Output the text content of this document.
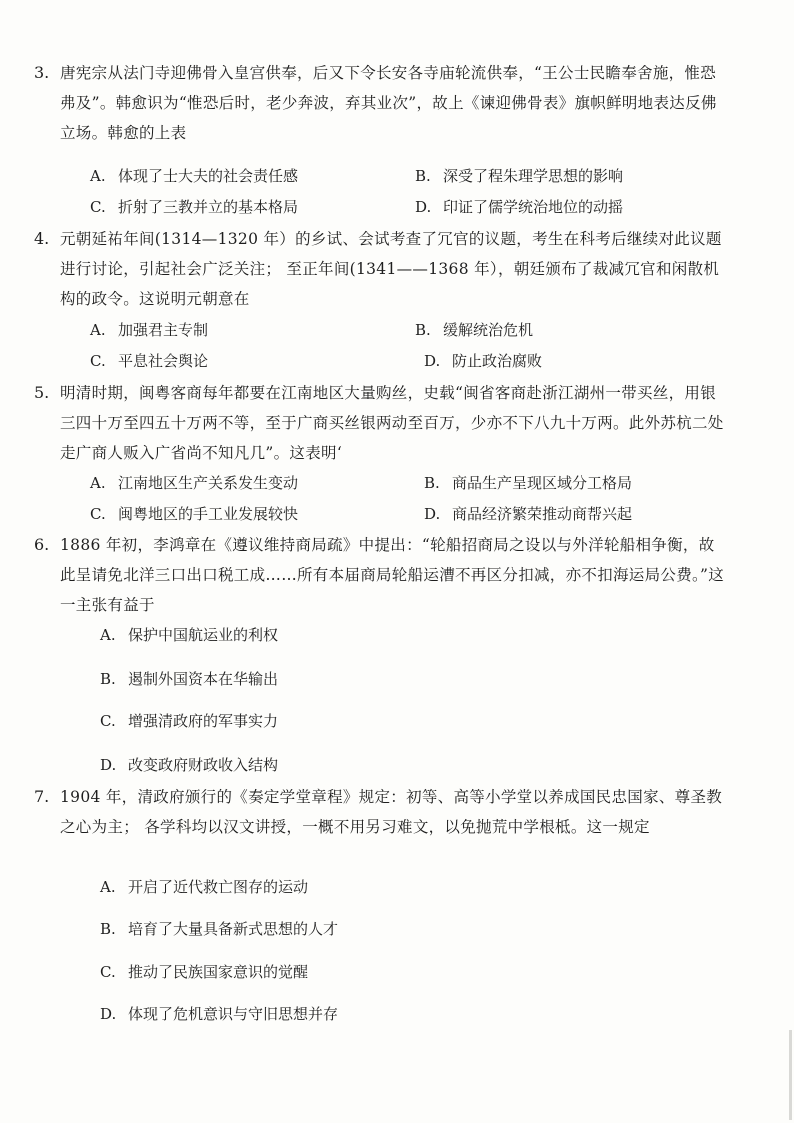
3. 唐宪宗从法门寺迎佛骨入皇宫供奉，后又下令长安各寺庙轮流供奉，“王公士民瞻奉舍施，惟恐弗及”。韩愈识为“惟恐后时，老少奔波，弃其业次”，故上《谏迎佛骨表》旗帜鲜明地表达反佛立场。韩愈的上表
A. 体现了士大夫的社会责任感	B. 深受了程朱理学思想的影响
C. 折射了三教并立的基本格局	D. 印证了儒学统治地位的动摇
4. 元朝延祐年间(1314—1320 年）的乡试、会试考查了冗官的议题，考生在科考后继续对此议题进行讨论，引起社会广泛关注； 至正年间(1341——1368 年），朝廷颁布了裁减冗官和闲散机构的政令。这说明元朝意在
A. 加强君主专制	B. 缓解统治危机
C. 平息社会舆论	D. 防止政治腐败
5. 明清时期，闽粤客商每年都要在江南地区大量购丝，史载“闽省客商赴浙江湖州一带买丝，用银三四十万至四五十万两不等，至于广商买丝银两动至百万，少亦不下八九十万两。此外苏杭二处走广商人贩入广省尚不知凡几”。这表明‘
A. 江南地区生产关系发生变动	B. 商品生产呈现区域分工格局
C. 闽粤地区的手工业发展较快	D. 商品经济繁荣推动商帮兴起
6. 1886 年初，李鸿章在《遵议维持商局疏》中提出：“轮船招商局之设以与外洋轮船相争衡，故此呈请免北洋三口出口税工成……所有本届商局轮船运漕不再区分扣减，亦不扣海运局公费。”这一主张有益于
A. 保护中国航运业的利权
B. 遏制外国资本在华输出
C. 增强清政府的军事实力
D. 改变政府财政收入结构
7. 1904 年，清政府颁行的《奏定学堂章程》规定：初等、高等小学堂以养成国民忠国家、尊圣教之心为主； 各学科均以汉文讲授，一概不用另习难文，以免抛荒中学根柢。这一规定
A. 开启了近代救亡图存的运动
B. 培育了大量具备新式思想的人才
C. 推动了民族国家意识的觉醒
D. 体现了危机意识与守旧思想并存
